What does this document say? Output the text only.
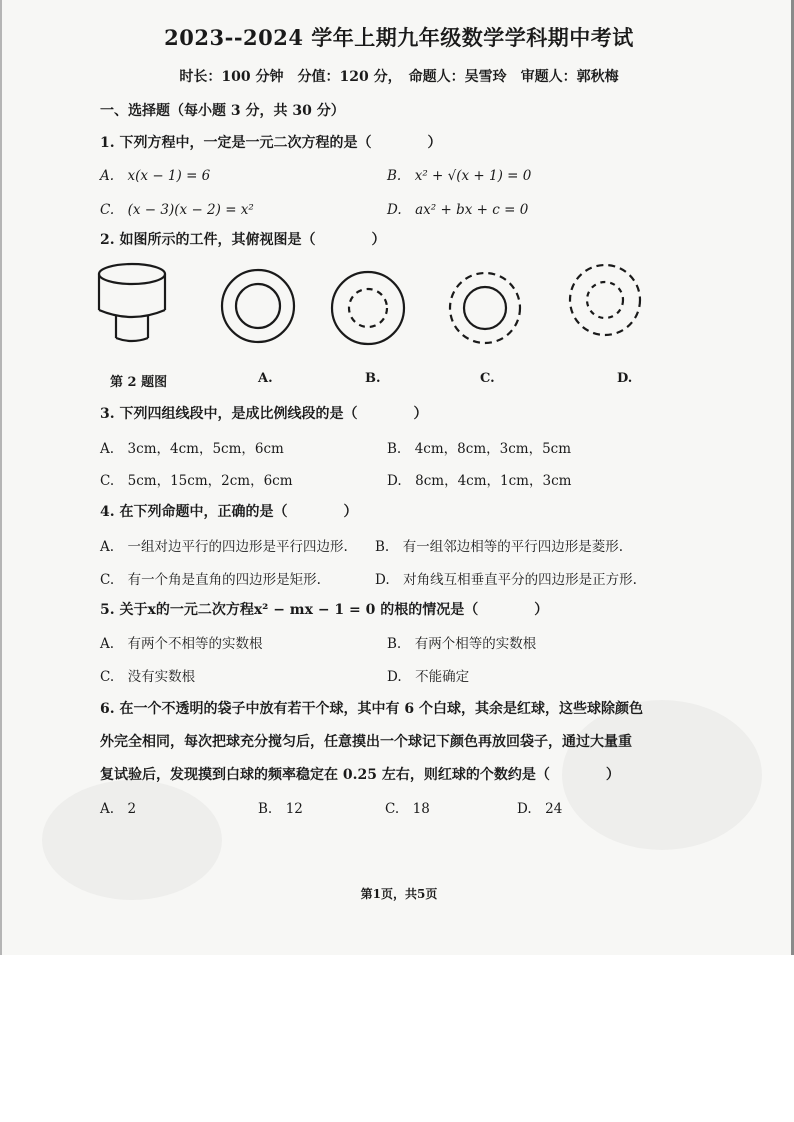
2023--2024 学年上期九年级数学学科期中考试
时长：100 分钟　分值：120 分，　命题人：吴雪玲　审题人：郭秋梅
一、选择题（每小题 3 分，共 30 分）
1. 下列方程中，一定是一元二次方程的是（　　　　）
A.　x(x − 1) = 6	B.　x² + √(x + 1) = 0
C.　(x − 3)(x − 2) = x²	D.　ax² + bx + c = 0
2. 如图所示的工件，其俯视图是（　　　　）
第 2 题图	A.	B.	C.	D.
3. 下列四组线段中，是成比例线段的是（　　　　）
A.　3cm，4cm，5cm，6cm	B.　4cm，8cm，3cm，5cm
C.　5cm，15cm，2cm，6cm	D.　8cm，4cm，1cm，3cm
4. 在下列命题中，正确的是（　　　　）
A.　一组对边平行的四边形是平行四边形. B.　有一组邻边相等的平行四边形是菱形.
C.　有一个角是直角的四边形是矩形.	D.　对角线互相垂直平分的四边形是正方形.
5. 关于x的一元二次方程x² − mx − 1 = 0 的根的情况是（　　　　）
A.　有两个不相等的实数根	B.　有两个相等的实数根
C.　没有实数根	D.　不能确定
6. 在一个不透明的袋子中放有若干个球，其中有 6 个白球，其余是红球，这些球除颜色
外完全相同，每次把球充分搅匀后，任意摸出一个球记下颜色再放回袋子，通过大量重
复试验后，发现摸到白球的频率稳定在 0.25 左右，则红球的个数约是（　　　　）
A.　2	B.　12	C.　18	D.　24
第1页，共5页
